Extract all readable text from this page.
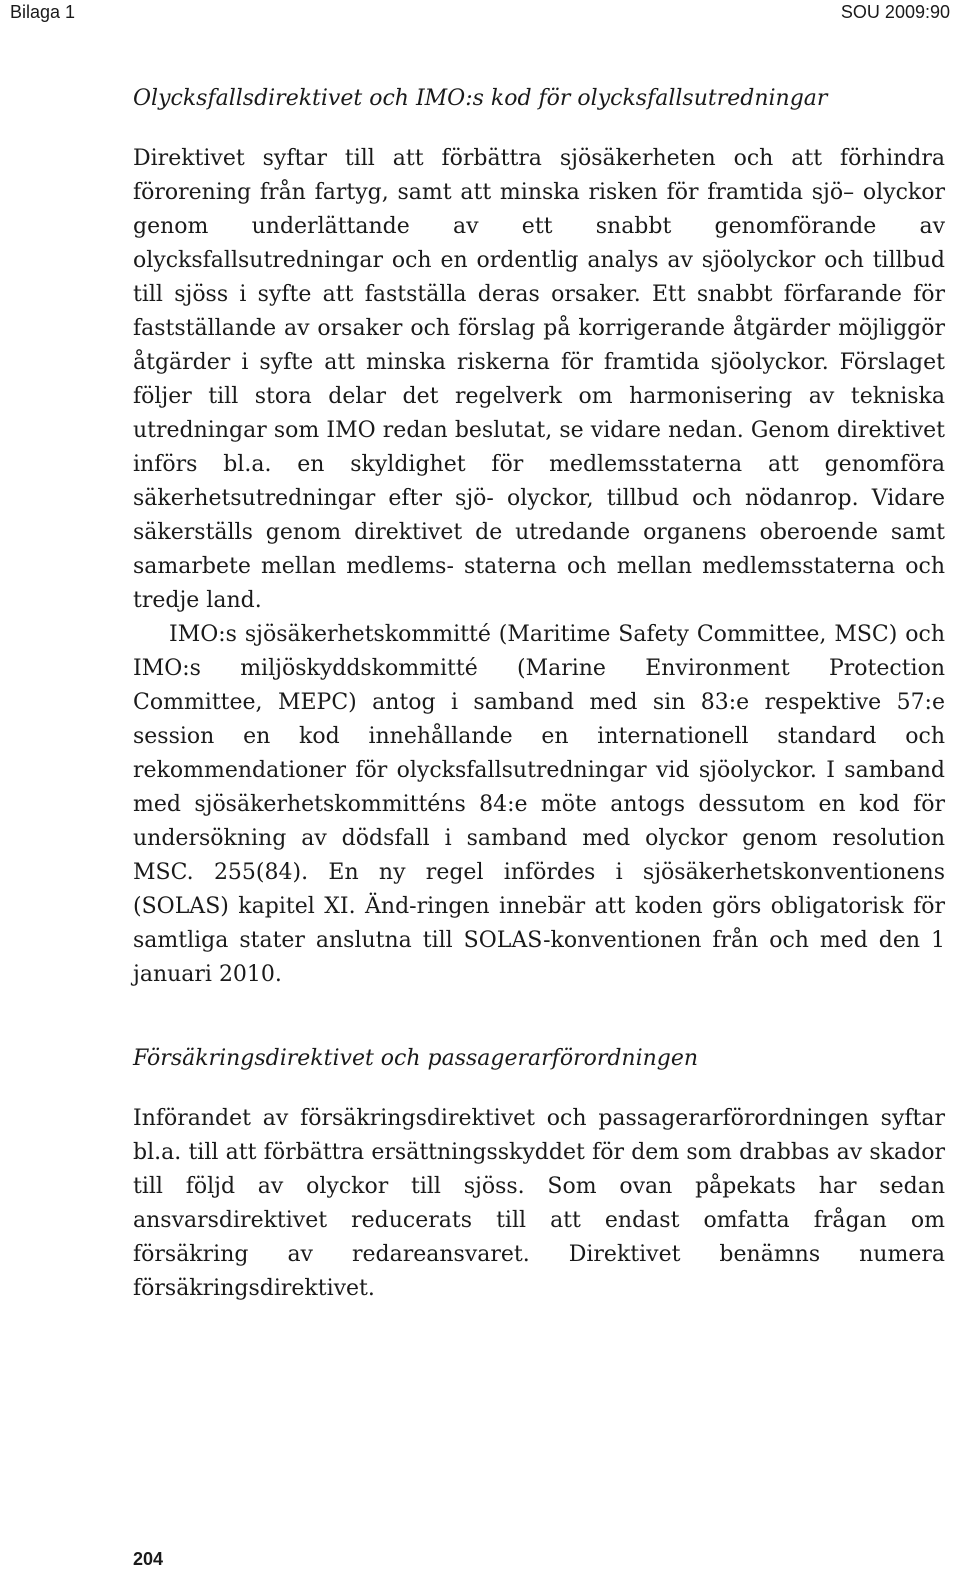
Bilaga 1	SOU 2009:90
Olycksfallsdirektivet och IMO:s kod för olycksfallsutredningar

Direktivet syftar till att förbättra sjösäkerheten och att förhindra förorening från fartyg, samt att minska risken för framtida sjö– olyckor genom underlättande av ett snabbt genomförande av olycksfallsutredningar och en ordentlig analys av sjöolyckor och tillbud till sjöss i syfte att fastställa deras orsaker. Ett snabbt förfarande för fastställande av orsaker och förslag på korrigerande åtgärder möjliggör åtgärder i syfte att minska riskerna för framtida sjöolyckor. Förslaget följer till stora delar det regelverk om harmonisering av tekniska utredningar som IMO redan beslutat, se vidare nedan. Genom direktivet införs bl.a. en skyldighet för medlemsstaterna att genomföra säkerhetsutredningar efter sjö- olyckor, tillbud och nödanrop. Vidare säkerställs genom direktivet de utredande organens oberoende samt samarbete mellan medlems- staterna och mellan medlemsstaterna och tredje land.

IMO:s sjösäkerhetskommitté (Maritime Safety Committee, MSC) och IMO:s miljöskyddskommitté (Marine Environment Protection Committee, MEPC) antog i samband med sin 83:e respektive 57:e session en kod innehållande en internationell standard och rekommendationer för olycksfallsutredningar vid sjöolyckor. I samband med sjösäkerhetskommitténs 84:e möte antogs dessutom en kod för undersökning av dödsfall i samband med olyckor genom resolution MSC. 255(84). En ny regel infördes i sjösäkerhetskonventionens (SOLAS) kapitel XI. Änd-ringen innebär att koden görs obligatorisk för samtliga stater anslutna till SOLAS-konventionen från och med den 1 januari 2010.

Försäkringsdirektivet och passagerarförordningen

Införandet av försäkringsdirektivet och passagerarförordningen syftar bl.a. till att förbättra ersättningsskyddet för dem som drabbas av skador till följd av olyckor till sjöss. Som ovan påpekats har sedan ansvarsdirektivet reducerats till att endast omfatta frågan om försäkring av redareansvaret. Direktivet benämns numera försäkringsdirektivet.

204
